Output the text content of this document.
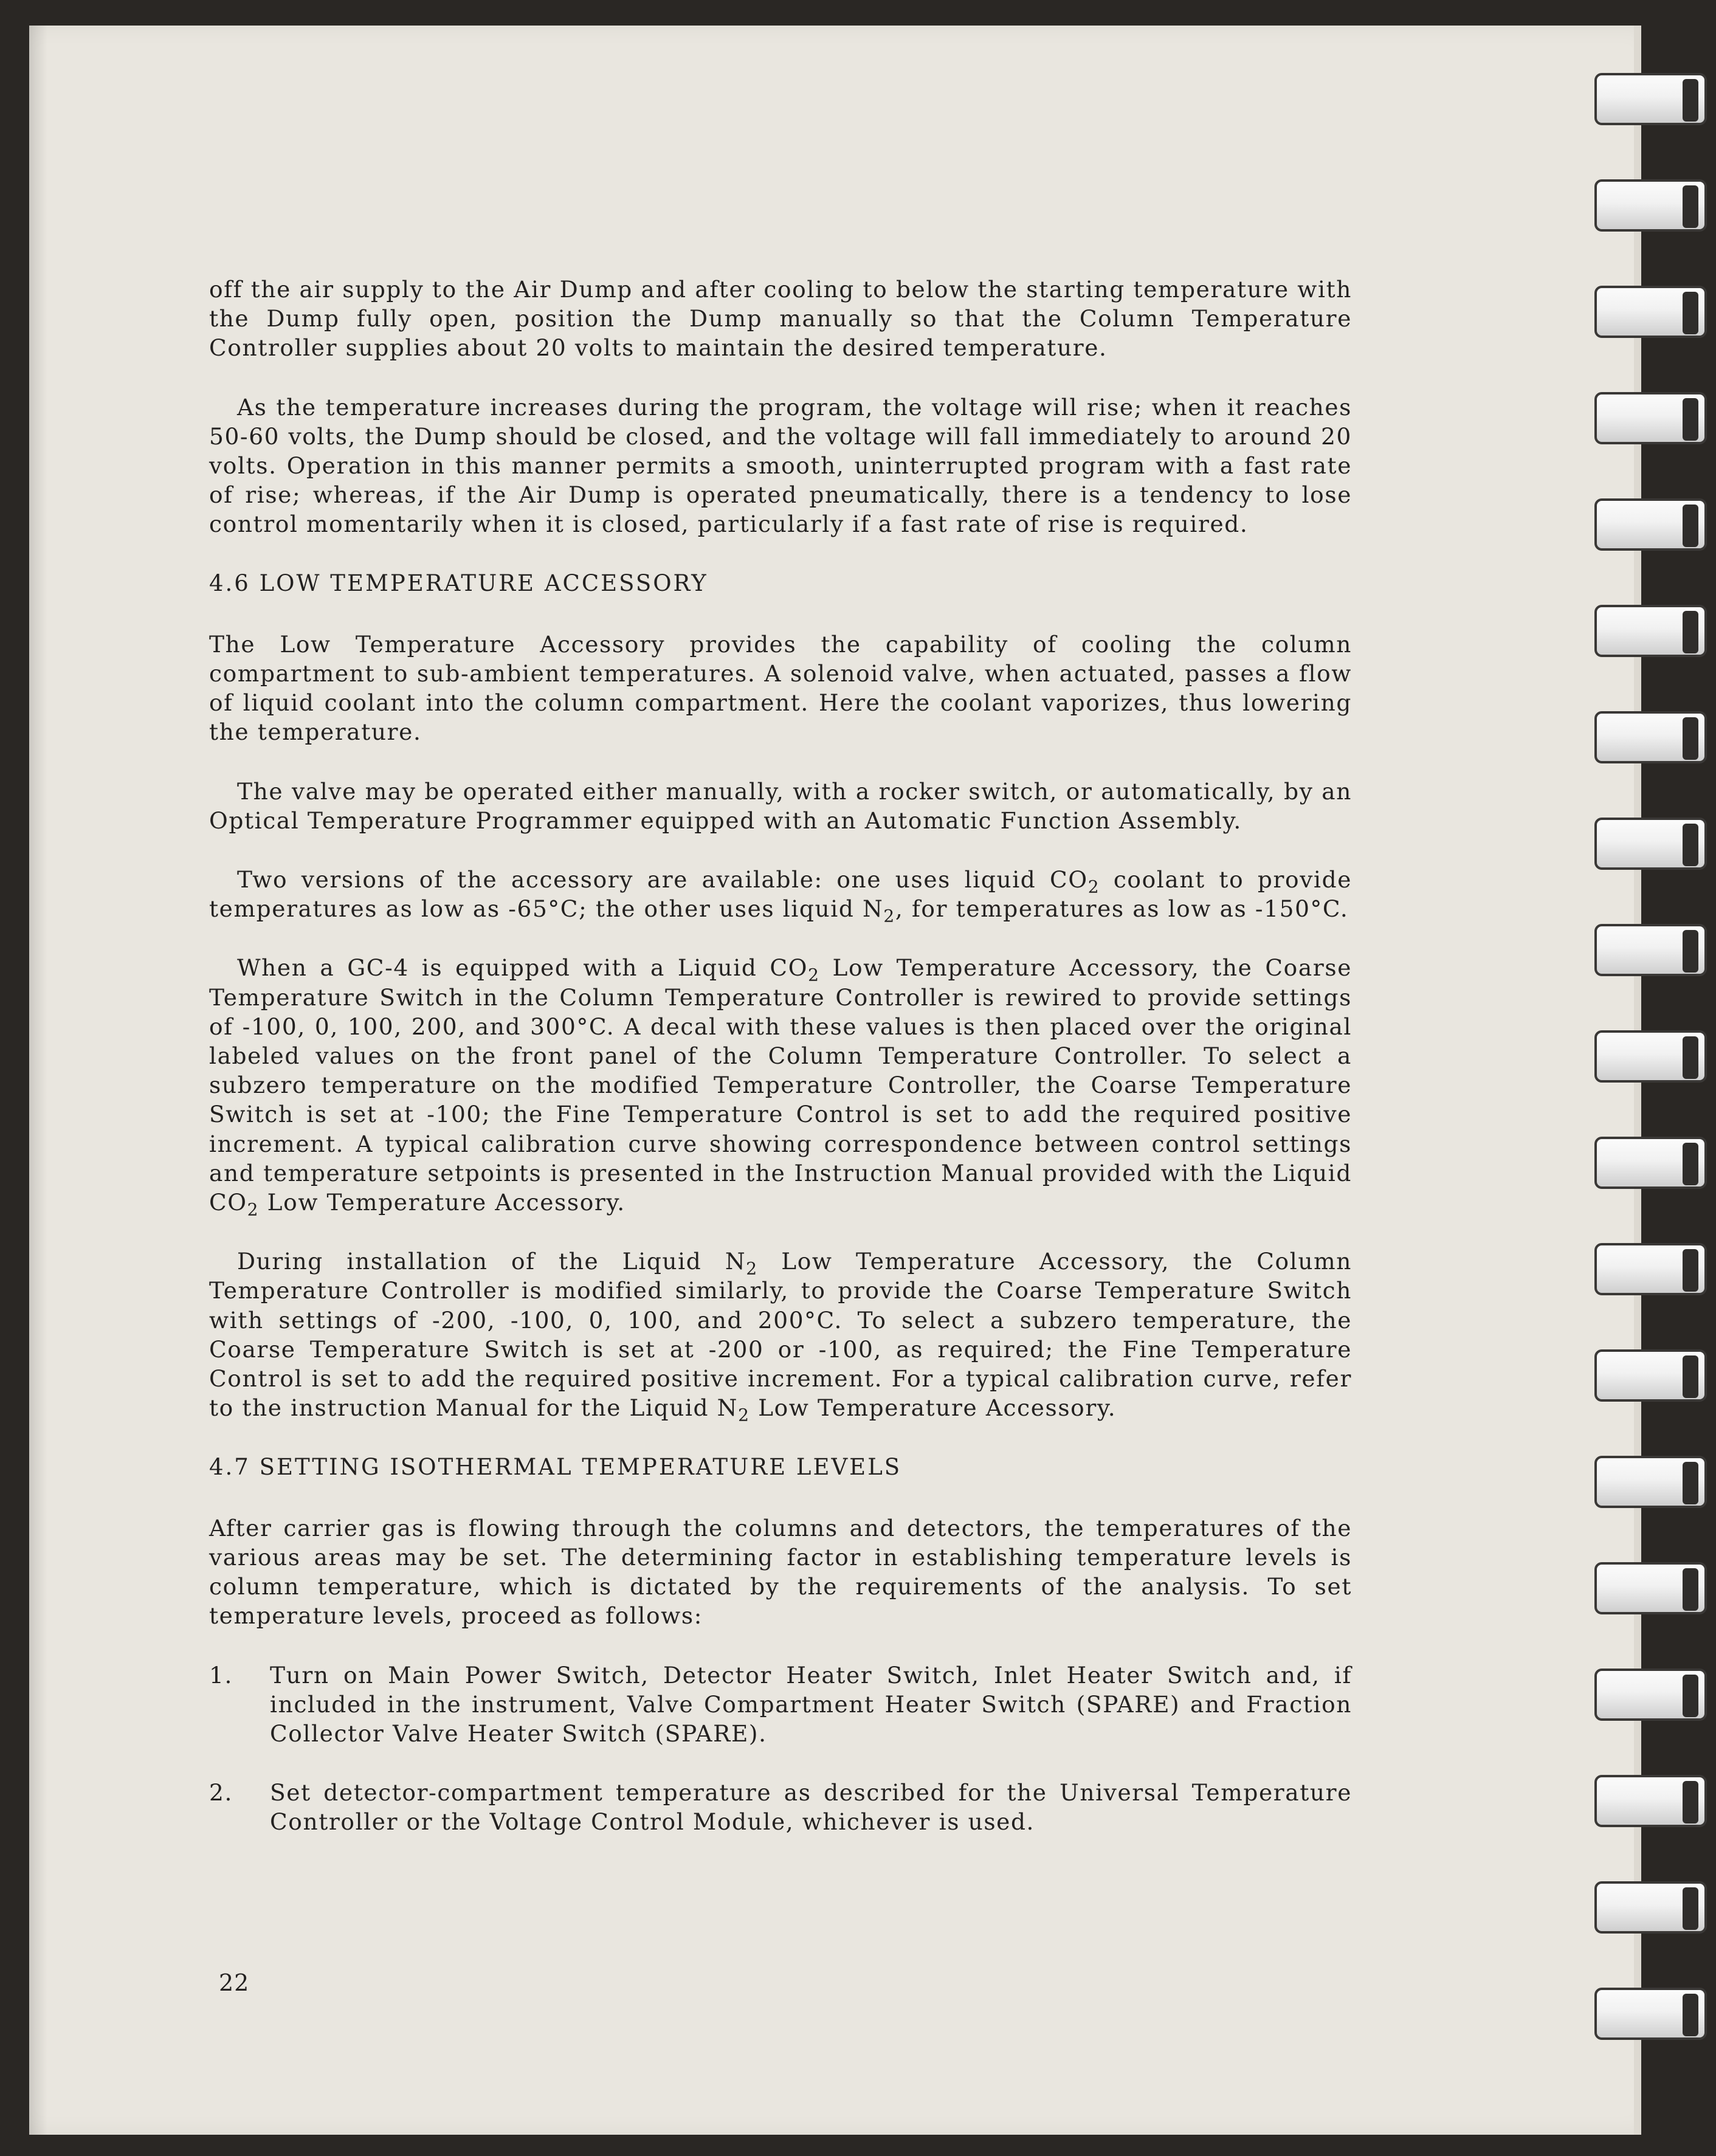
off the air supply to the Air Dump and after cooling to below the starting temperature with the Dump fully open, position the Dump manually so that the Column Temperature Controller supplies about 20 volts to maintain the desired temperature.

As the temperature increases during the program, the voltage will rise; when it reaches 50-60 volts, the Dump should be closed, and the voltage will fall immediately to around 20 volts. Operation in this manner permits a smooth, uninterrupted program with a fast rate of rise; whereas, if the Air Dump is operated pneumatically, there is a tendency to lose control momentarily when it is closed, particularly if a fast rate of rise is required.

4.6 LOW TEMPERATURE ACCESSORY

The Low Temperature Accessory provides the capability of cooling the column compartment to sub-ambient temperatures. A solenoid valve, when actuated, passes a flow of liquid coolant into the column compartment. Here the coolant vaporizes, thus lowering the temperature.

The valve may be operated either manually, with a rocker switch, or automatically, by an Optical Temperature Programmer equipped with an Automatic Function Assembly.

Two versions of the accessory are available: one uses liquid $CO_2$ coolant to provide temperatures as low as -65°C; the other uses liquid $N_2$, for temperatures as low as -150°C.

When a GC-4 is equipped with a Liquid $CO_2$ Low Temperature Accessory, the Coarse Temperature Switch in the Column Temperature Controller is rewired to provide settings of -100, 0, 100, 200, and 300°C. A decal with these values is then placed over the original labeled values on the front panel of the Column Temperature Controller. To select a subzero temperature on the modified Temperature Controller, the Coarse Temperature Switch is set at -100; the Fine Temperature Control is set to add the required positive increment. A typical calibration curve showing correspondence between control settings and temperature setpoints is presented in the Instruction Manual provided with the Liquid $CO_2$ Low Temperature Accessory.

During installation of the Liquid $N_2$ Low Temperature Accessory, the Column Temperature Controller is modified similarly, to provide the Coarse Temperature Switch with settings of -200, -100, 0, 100, and 200°C. To select a subzero temperature, the Coarse Temperature Switch is set at -200 or -100, as required; the Fine Temperature Control is set to add the required positive increment. For a typical calibration curve, refer to the instruction Manual for the Liquid $N_2$ Low Temperature Accessory.

4.7 SETTING ISOTHERMAL TEMPERATURE LEVELS

After carrier gas is flowing through the columns and detectors, the temperatures of the various areas may be set. The determining factor in establishing temperature levels is column temperature, which is dictated by the requirements of the analysis. To set temperature levels, proceed as follows:

1.	Turn on Main Power Switch, Detector Heater Switch, Inlet Heater Switch and, if included in the instrument, Valve Compartment Heater Switch (SPARE) and Fraction Collector Valve Heater Switch (SPARE).
2.	Set detector-compartment temperature as described for the Universal Temperature Controller or the Voltage Control Module, whichever is used.
22
